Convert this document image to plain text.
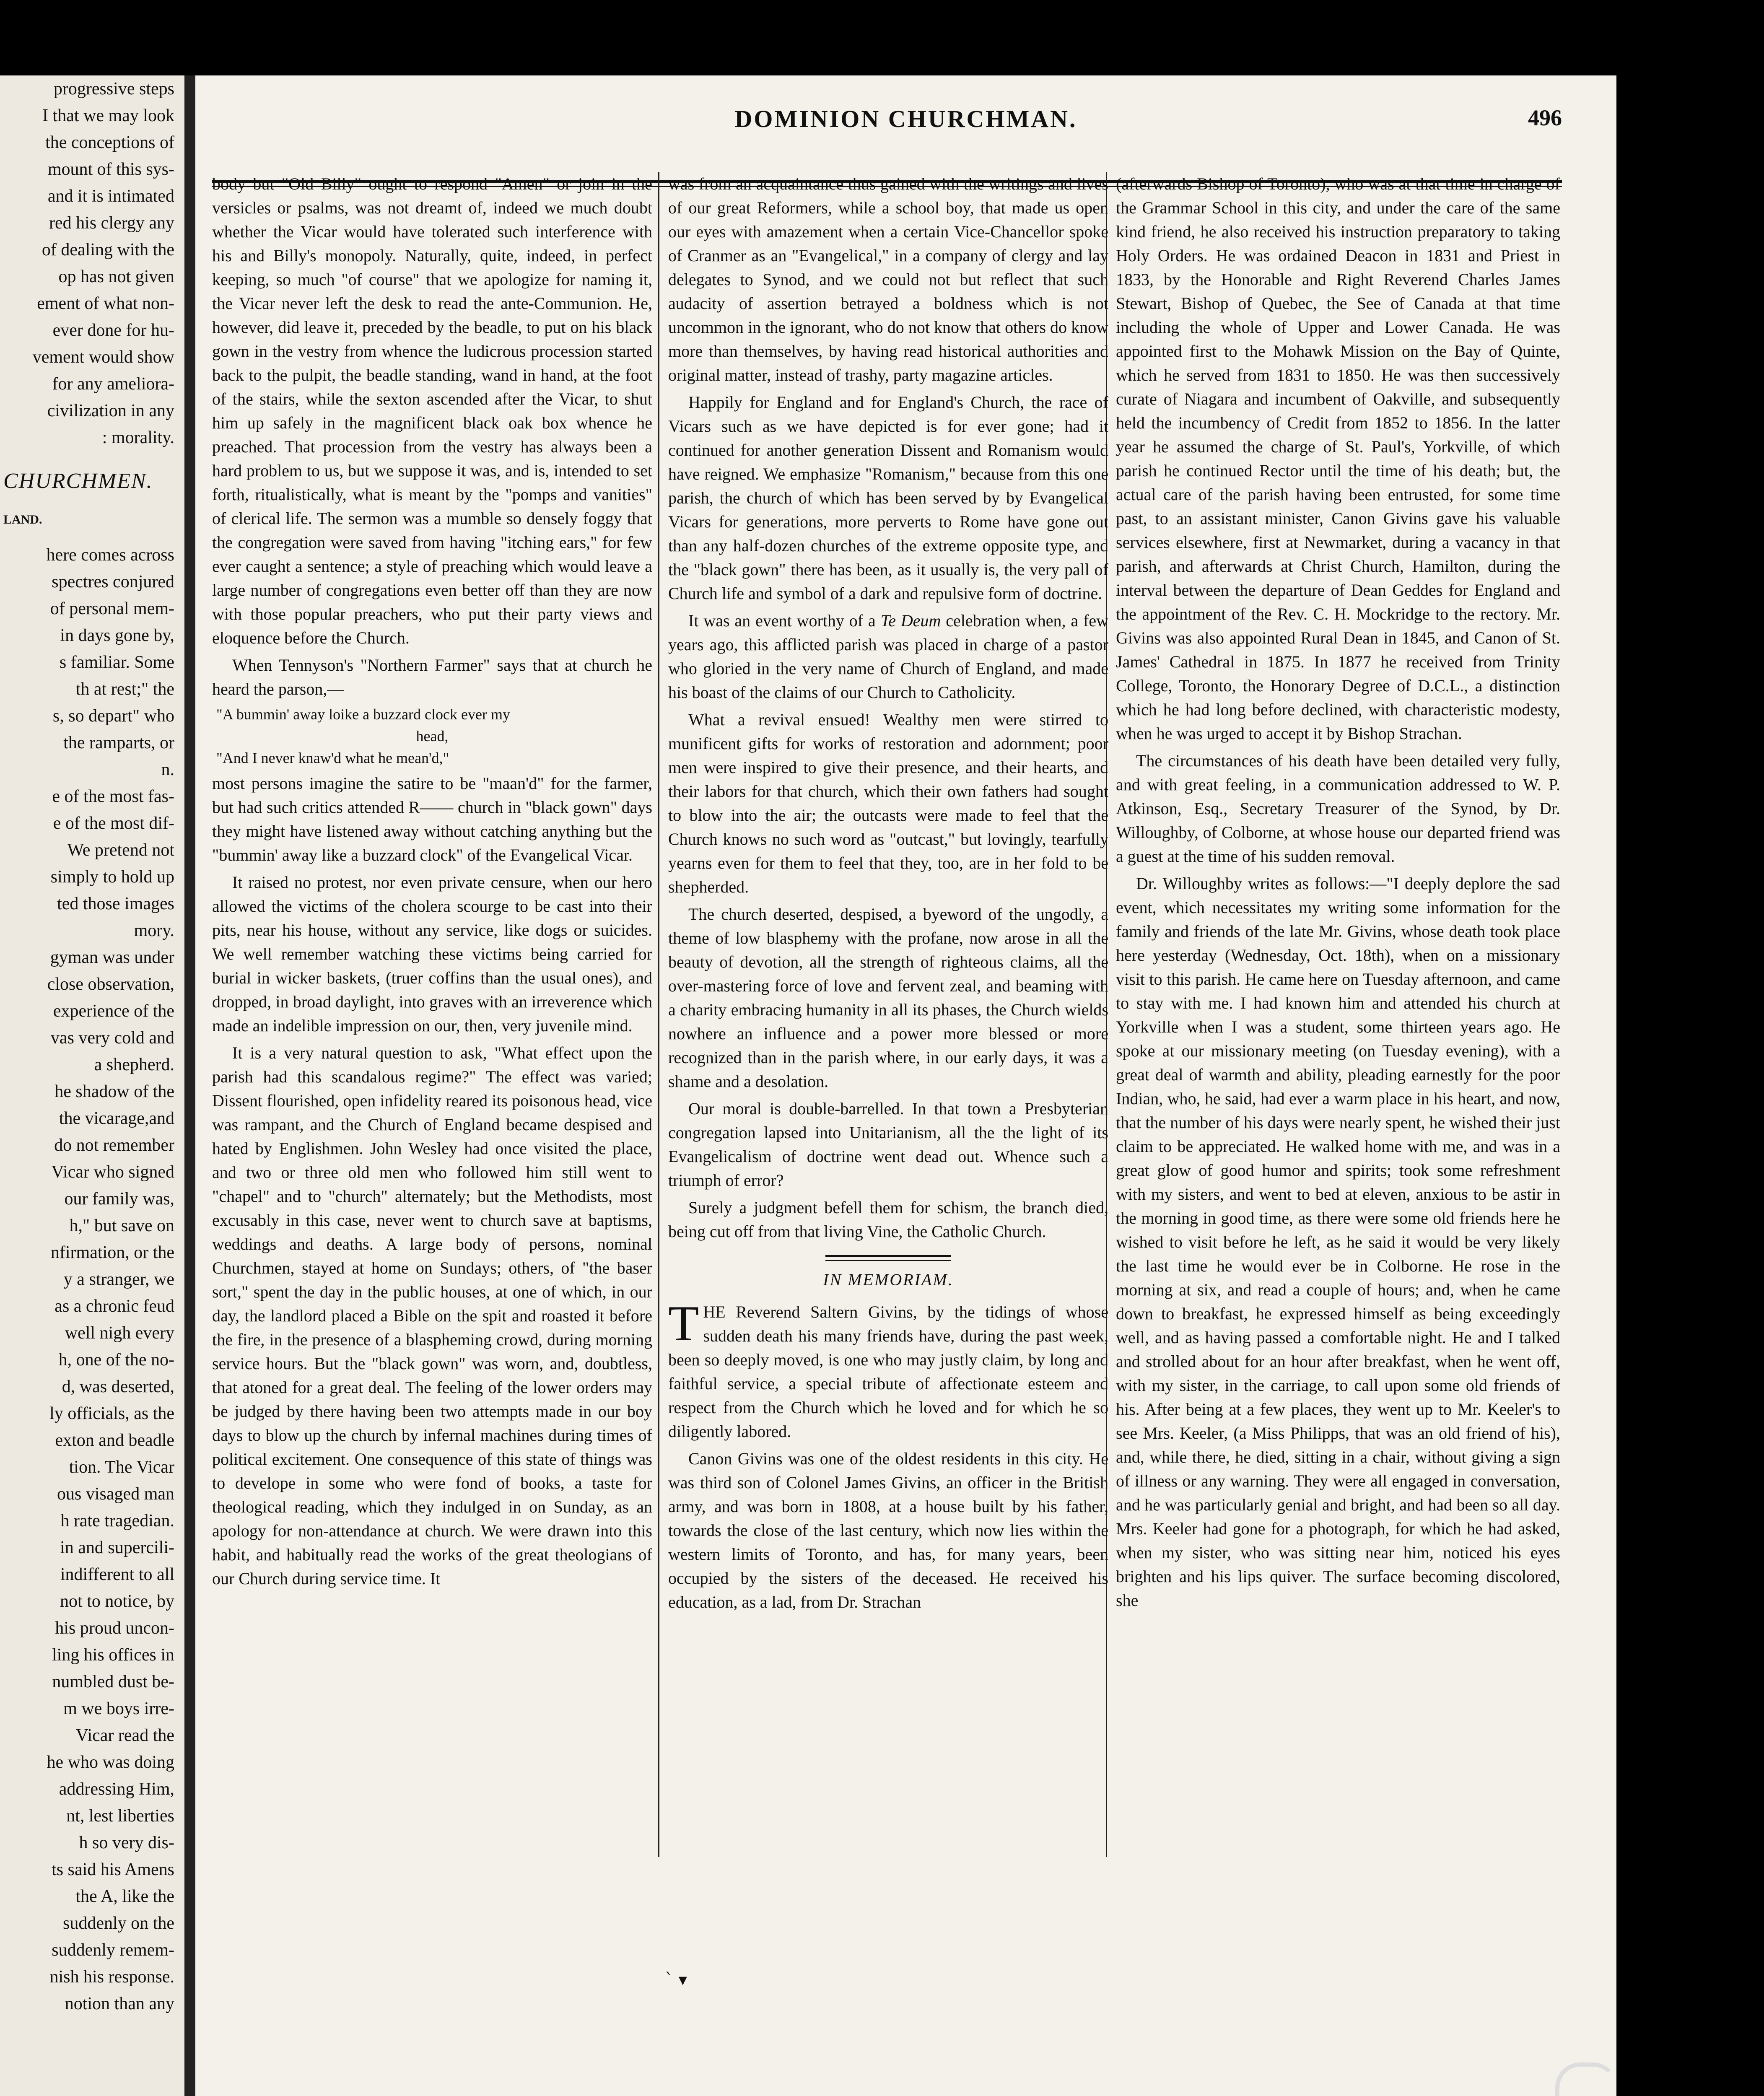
progressive steps
I that we may look
the conceptions of
mount of this sys-
and it is intimated
red his clergy any
of dealing with the
op has not given
ement of what non-
ever done for hu-
vement would show
for any ameliora-
civilization in any
: morality.
CHURCHMEN.
LAND.
here comes across
spectres conjured
of personal mem-
in days gone by,
s familiar. Some
th at rest;" the
s, so depart" who
the ramparts, or
n.
e of the most fas-
e of the most dif-
We pretend not
simply to hold up
ted those images
mory.
gyman was under
close observation,
experience of the
vas very cold and
a shepherd.
he shadow of the
the vicarage,and
do not remember
Vicar who signed
our family was,
h," but save on
nfirmation, or the
y a stranger, we
as a chronic feud
well nigh every
h, one of the no-
d, was deserted,
ly officials, as the
exton and beadle
tion. The Vicar
ous visaged man
h rate tragedian.
in and supercili-
indifferent to all
not to notice, by
his proud uncon-
ling his offices in
numbled dust be-
m we boys irre-
Vicar read the
he who was doing
addressing Him,
nt, lest liberties
h so very dis-
ts said his Amens
the A, like the
suddenly on the
suddenly remem-
nish his response.
notion than any
DOMINION CHURCHMAN.	496

body but "Old Billy" ought to respond "Amen" or join in the versicles or psalms, was not dreamt of, indeed we much doubt whether the Vicar would have tolerated such interference with his and Billy's monopoly. Naturally, quite, indeed, in perfect keeping, so much "of course" that we apologize for naming it, the Vicar never left the desk to read the ante-Communion. He, however, did leave it, preceded by the beadle, to put on his black gown in the vestry from whence the ludicrous procession started back to the pulpit, the beadle standing, wand in hand, at the foot of the stairs, while the sexton ascended after the Vicar, to shut him up safely in the magnificent black oak box whence he preached. That procession from the vestry has always been a hard problem to us, but we suppose it was, and is, intended to set forth, ritualistically, what is meant by the "pomps and vanities" of clerical life. The sermon was a mumble so densely foggy that the congregation were saved from having "itching ears," for few ever caught a sentence; a style of preaching which would leave a large number of congregations even better off than they are now with those popular preachers, who put their party views and eloquence before the Church.

When Tennyson's "Northern Farmer" says that at church he heard the parson,—

"A bummin' away loike a buzzard clock ever my

head,

"And I never knaw'd what he mean'd,"

most persons imagine the satire to be "maan'd" for the farmer, but had such critics attended R—— church in "black gown" days they might have listened away without catching anything but the "bummin' away like a buzzard clock" of the Evangelical Vicar.

It raised no protest, nor even private censure, when our hero allowed the victims of the cholera scourge to be cast into their pits, near his house, without any service, like dogs or suicides. We well remember watching these victims being carried for burial in wicker baskets, (truer coffins than the usual ones), and dropped, in broad daylight, into graves with an irreverence which made an indelible impression on our, then, very juvenile mind.

It is a very natural question to ask, "What effect upon the parish had this scandalous regime?" The effect was varied; Dissent flourished, open infidelity reared its poisonous head, vice was rampant, and the Church of England became despised and hated by Englishmen. John Wesley had once visited the place, and two or three old men who followed him still went to "chapel" and to "church" alternately; but the Methodists, most excusably in this case, never went to church save at baptisms, weddings and deaths. A large body of persons, nominal Churchmen, stayed at home on Sundays; others, of "the baser sort," spent the day in the public houses, at one of which, in our day, the landlord placed a Bible on the spit and roasted it before the fire, in the presence of a blaspheming crowd, during morning service hours. But the "black gown" was worn, and, doubtless, that atoned for a great deal. The feeling of the lower orders may be judged by there having been two attempts made in our boy days to blow up the church by infernal machines during times of political excitement. One consequence of this state of things was to develope in some who were fond of books, a taste for theological reading, which they indulged in on Sunday, as an apology for non-attendance at church. We were drawn into this habit, and habitually read the works of the great theologians of our Church during service time. It

was from an acquaintance thus gained with the writings and lives of our great Reformers, while a school boy, that made us open our eyes with amazement when a certain Vice-Chancellor spoke of Cranmer as an "Evangelical," in a company of clergy and lay delegates to Synod, and we could not but reflect that such audacity of assertion betrayed a boldness which is not uncommon in the ignorant, who do not know that others do know more than themselves, by having read historical authorities and original matter, instead of trashy, party magazine articles.

Happily for England and for England's Church, the race of Vicars such as we have depicted is for ever gone; had it continued for another generation Dissent and Romanism would have reigned. We emphasize "Romanism," because from this one parish, the church of which has been served by by Evangelical Vicars for generations, more perverts to Rome have gone out than any half-dozen churches of the extreme opposite type, and the "black gown" there has been, as it usually is, the very pall of Church life and symbol of a dark and repulsive form of doctrine.

It was an event worthy of a Te Deum celebration when, a few years ago, this afflicted parish was placed in charge of a pastor who gloried in the very name of Church of England, and made his boast of the claims of our Church to Catholicity.

What a revival ensued! Wealthy men were stirred to munificent gifts for works of restoration and adornment; poor men were inspired to give their presence, and their hearts, and their labors for that church, which their own fathers had sought to blow into the air; the outcasts were made to feel that the Church knows no such word as "outcast," but lovingly, tearfully yearns even for them to feel that they, too, are in her fold to be shepherded.

The church deserted, despised, a byeword of the ungodly, a theme of low blasphemy with the profane, now arose in all the beauty of devotion, all the strength of righteous claims, all the over-mastering force of love and fervent zeal, and beaming with a charity embracing humanity in all its phases, the Church wields nowhere an influence and a power more blessed or more recognized than in the parish where, in our early days, it was a shame and a desolation.

Our moral is double-barrelled. In that town a Presbyterian congregation lapsed into Unitarianism, all the the light of its Evangelicalism of doctrine went dead out. Whence such a triumph of error?

Surely a judgment befell them for schism, the branch died, being cut off from that living Vine, the Catholic Church.

IN MEMORIAM.

THE Reverend Saltern Givins, by the tidings of whose sudden death his many friends have, during the past week, been so deeply moved, is one who may justly claim, by long and faithful service, a special tribute of affectionate esteem and respect from the Church which he loved and for which he so diligently labored.

Canon Givins was one of the oldest residents in this city. He was third son of Colonel James Givins, an officer in the British army, and was born in 1808, at a house built by his father, towards the close of the last century, which now lies within the western limits of Toronto, and has, for many years, been occupied by the sisters of the deceased. He received his education, as a lad, from Dr. Strachan

(afterwards Bishop of Toronto), who was at that time in charge of the Grammar School in this city, and under the care of the same kind friend, he also received his instruction preparatory to taking Holy Orders. He was ordained Deacon in 1831 and Priest in 1833, by the Honorable and Right Reverend Charles James Stewart, Bishop of Quebec, the See of Canada at that time including the whole of Upper and Lower Canada. He was appointed first to the Mohawk Mission on the Bay of Quinte, which he served from 1831 to 1850. He was then successively curate of Niagara and incumbent of Oakville, and subsequently held the incumbency of Credit from 1852 to 1856. In the latter year he assumed the charge of St. Paul's, Yorkville, of which parish he continued Rector until the time of his death; but, the actual care of the parish having been entrusted, for some time past, to an assistant minister, Canon Givins gave his valuable services elsewhere, first at Newmarket, during a vacancy in that parish, and afterwards at Christ Church, Hamilton, during the interval between the departure of Dean Geddes for England and the appointment of the Rev. C. H. Mockridge to the rectory. Mr. Givins was also appointed Rural Dean in 1845, and Canon of St. James' Cathedral in 1875. In 1877 he received from Trinity College, Toronto, the Honorary Degree of D.C.L., a distinction which he had long before declined, with characteristic modesty, when he was urged to accept it by Bishop Strachan.

The circumstances of his death have been detailed very fully, and with great feeling, in a communication addressed to W. P. Atkinson, Esq., Secretary Treasurer of the Synod, by Dr. Willoughby, of Colborne, at whose house our departed friend was a guest at the time of his sudden removal.

Dr. Willoughby writes as follows:—"I deeply deplore the sad event, which necessitates my writing some information for the family and friends of the late Mr. Givins, whose death took place here yesterday (Wednesday, Oct. 18th), when on a missionary visit to this parish. He came here on Tuesday afternoon, and came to stay with me. I had known him and attended his church at Yorkville when I was a student, some thirteen years ago. He spoke at our missionary meeting (on Tuesday evening), with a great deal of warmth and ability, pleading earnestly for the poor Indian, who, he said, had ever a warm place in his heart, and now, that the number of his days were nearly spent, he wished their just claim to be appreciated. He walked home with me, and was in a great glow of good humor and spirits; took some refreshment with my sisters, and went to bed at eleven, anxious to be astir in the morning in good time, as there were some old friends here he wished to visit before he left, as he said it would be very likely the last time he would ever be in Colborne. He rose in the morning at six, and read a couple of hours; and, when he came down to breakfast, he expressed himself as being exceedingly well, and as having passed a comfortable night. He and I talked and strolled about for an hour after breakfast, when he went off, with my sister, in the carriage, to call upon some old friends of his. After being at a few places, they went up to Mr. Keeler's to see Mrs. Keeler, (a Miss Philipps, that was an old friend of his), and, while there, he died, sitting in a chair, without giving a sign of illness or any warning. They were all engaged in conversation, and he was particularly genial and bright, and had been so all day. Mrs. Keeler had gone for a photograph, for which he had asked, when my sister, who was sitting near him, noticed his eyes brighten and his lips quiver. The surface becoming discolored, she

` ▾
